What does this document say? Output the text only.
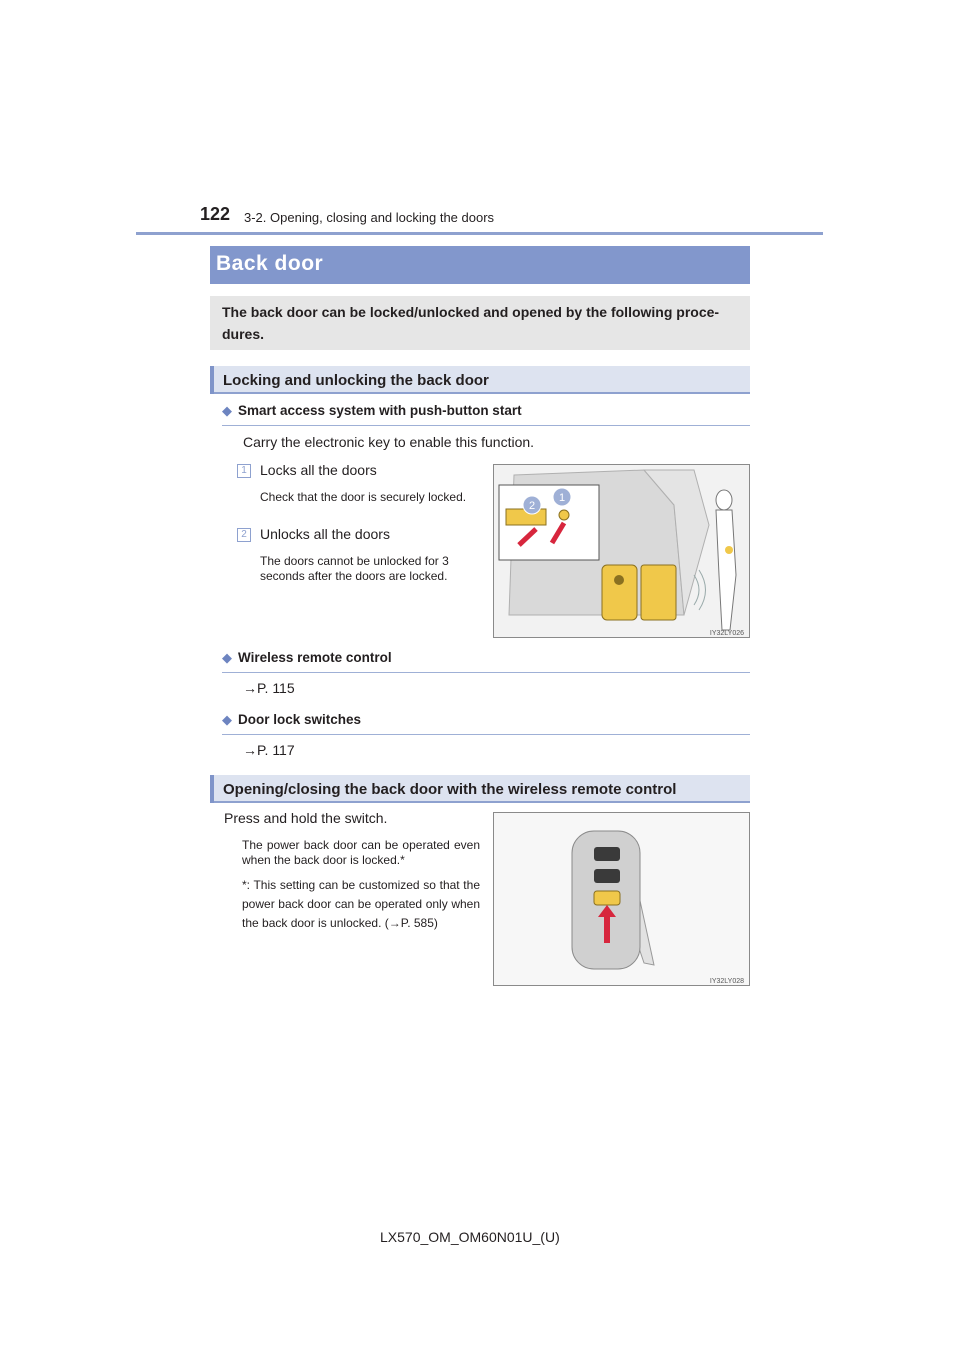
122 3-2. Opening, closing and locking the doors
Back door
The back door can be locked/unlocked and opened by the following proce-dures.
Locking and unlocking the back door
◆ Smart access system with push-button start
Carry the electronic key to enable this function.
1 Locks all the doors
Check that the door is securely locked.
2 Unlocks all the doors
The doors cannot be unlocked for 3 seconds after the doors are locked.
2
1
IY32LY026
◆ Wireless remote control
→P. 115
◆ Door lock switches
→P. 117
Opening/closing the back door with the wireless remote control
Press and hold the switch.
The power back door can be operated even when the back door is locked.*
*: This setting can be customized so that the power back door can be operated only when the back door is unlocked. (→P. 585)
IY32LY028
LX570_OM_OM60N01U_(U)
